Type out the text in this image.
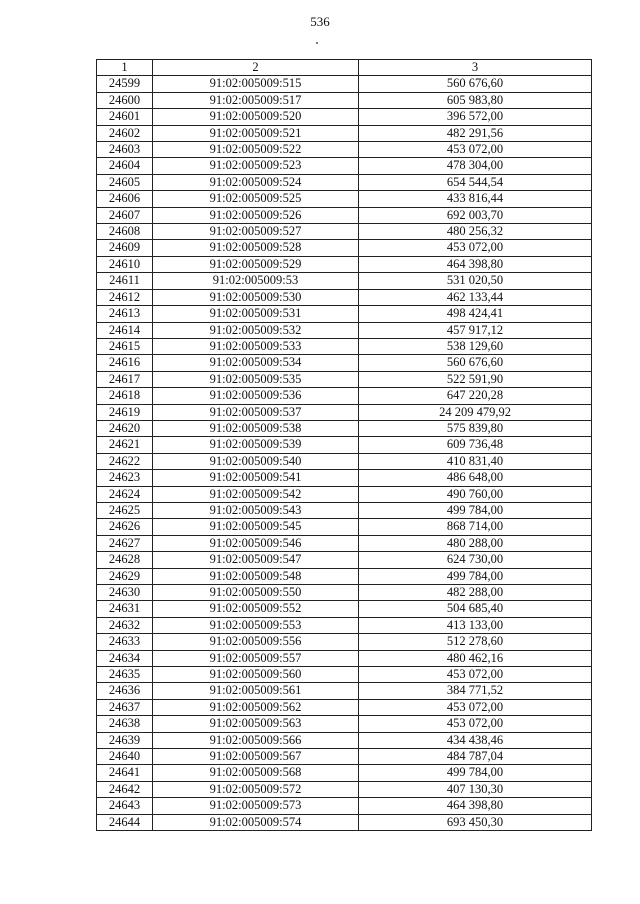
536
1	2	3
24599	91:02:005009:515	560 676,60
24600	91:02:005009:517	605 983,80
24601	91:02:005009:520	396 572,00
24602	91:02:005009:521	482 291,56
24603	91:02:005009:522	453 072,00
24604	91:02:005009:523	478 304,00
24605	91:02:005009:524	654 544,54
24606	91:02:005009:525	433 816,44
24607	91:02:005009:526	692 003,70
24608	91:02:005009:527	480 256,32
24609	91:02:005009:528	453 072,00
24610	91:02:005009:529	464 398,80
24611	91:02:005009:53	531 020,50
24612	91:02:005009:530	462 133,44
24613	91:02:005009:531	498 424,41
24614	91:02:005009:532	457 917,12
24615	91:02:005009:533	538 129,60
24616	91:02:005009:534	560 676,60
24617	91:02:005009:535	522 591,90
24618	91:02:005009:536	647 220,28
24619	91:02:005009:537	24 209 479,92
24620	91:02:005009:538	575 839,80
24621	91:02:005009:539	609 736,48
24622	91:02:005009:540	410 831,40
24623	91:02:005009:541	486 648,00
24624	91:02:005009:542	490 760,00
24625	91:02:005009:543	499 784,00
24626	91:02:005009:545	868 714,00
24627	91:02:005009:546	480 288,00
24628	91:02:005009:547	624 730,00
24629	91:02:005009:548	499 784,00
24630	91:02:005009:550	482 288,00
24631	91:02:005009:552	504 685,40
24632	91:02:005009:553	413 133,00
24633	91:02:005009:556	512 278,60
24634	91:02:005009:557	480 462,16
24635	91:02:005009:560	453 072,00
24636	91:02:005009:561	384 771,52
24637	91:02:005009:562	453 072,00
24638	91:02:005009:563	453 072,00
24639	91:02:005009:566	434 438,46
24640	91:02:005009:567	484 787,04
24641	91:02:005009:568	499 784,00
24642	91:02:005009:572	407 130,30
24643	91:02:005009:573	464 398,80
24644	91:02:005009:574	693 450,30
